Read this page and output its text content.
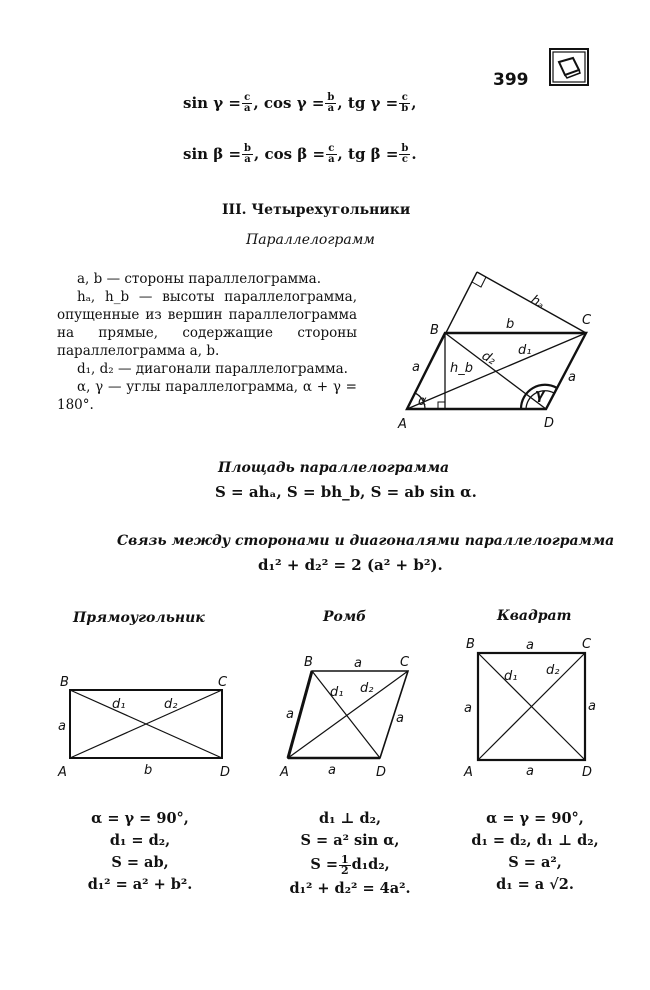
399
$\sin \gamma = \frac{c}{a}$ , $\cos \gamma = \frac{b}{a}$ , tg $\gamma = \frac{c}{b}$ ,
$\sin \beta = \frac{b}{a}$ , $\cos \beta = \frac{c}{a}$ , tg $\beta = \frac{b}{c}$ .
III. Четырехугольники
Параллелограмм

a, b — стороны параллелограмма.

hₐ, h_b — высоты параллелограмма, опущенные из вершин параллелограмма на прямые, содержащие стороны параллелограмма a, b.

d₁, d₂ — диагонали параллелограмма.

α, γ — углы параллелограмма, α + γ = 180°.

A
B
C
D
a
a
b
hₐ
h_b
d₂ d₁
α	γ
Площадь параллелограмма
S = ahₐ, S = bh_b, S = ab sin α.
Связь между сторонами и диагоналями параллелограмма
d₁² + d₂² = 2 (a² + b²).
Прямоугольник	Ромб	Квадрат
B	C
A	D
a
b
d₁	d₂
B	C
A	D
a
a	a
a
d₁ d₂
B	C
A	D
a
a	a
a
d₁ d₂
α = γ = 90°,
d₁ = d₂,
S = ab,
d₁² = a² + b².
d₁ ⊥ d₂,
S = a² sin α,
$S = \frac{1}{2} d_1d_2$,
d₁² + d₂² = 4a².
α = γ = 90°,
d₁ = d₂, d₁ ⊥ d₂,
S = a²,
d₁ = a √2.
